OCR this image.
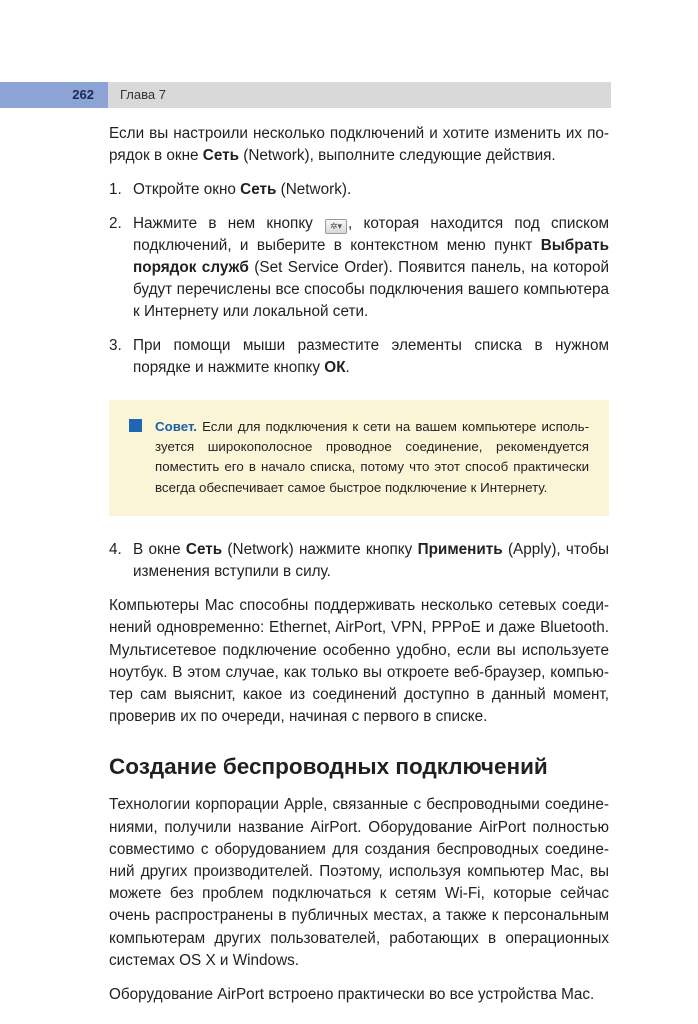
262	Глава 7

Если вы настроили несколько подключений и хотите изменить их порядок в окне Сеть (Network), выполните следующие действия.

1. Откройте окно Сеть (Network).
2. Нажмите в нем кнопку ✲▾ , которая находится под списком подключений, и выберите в контекстном меню пункт Выбрать порядок служб (Set Service Order). Появится панель, на которой будут перечислены все способы подключения вашего компьютера к Интернету или локальной сети.
3. При помощи мыши разместите элементы списка в нужном порядке и нажмите кнопку ОК.

Совет. Если для подключения к сети на вашем компьютере используется широкополосное проводное соединение, рекомендуется поместить его в начало списка, потому что этот способ практически всегда обеспечивает самое быстрое подключение к Интернету.

4. В окне Сеть (Network) нажмите кнопку Применить (Apply), чтобы изменения вступили в силу.

Компьютеры Mac способны поддерживать несколько сетевых соединений одновременно: Ethernet, AirPort, VPN, PPPoE и даже Bluetooth. Мультисетевое подключение особенно удобно, если вы используете ноутбук. В этом случае, как только вы откроете веб-браузер, компьютер сам выяснит, какое из соединений доступно в данный момент, проверив их по очереди, начиная с первого в списке.

Создание беспроводных подключений

Технологии корпорации Apple, связанные с беспроводными соединениями, получили название AirPort. Оборудование AirPort полностью совместимо с оборудованием для создания беспроводных соединений других производителей. Поэтому, используя компьютер Mac, вы можете без проблем подключаться к сетям Wi-Fi, которые сейчас очень распространены в публичных местах, а также к персональным компьютерам других пользователей, работающих в операционных системах OS X и Windows.

Оборудование AirPort встроено практически во все устройства Mac.
